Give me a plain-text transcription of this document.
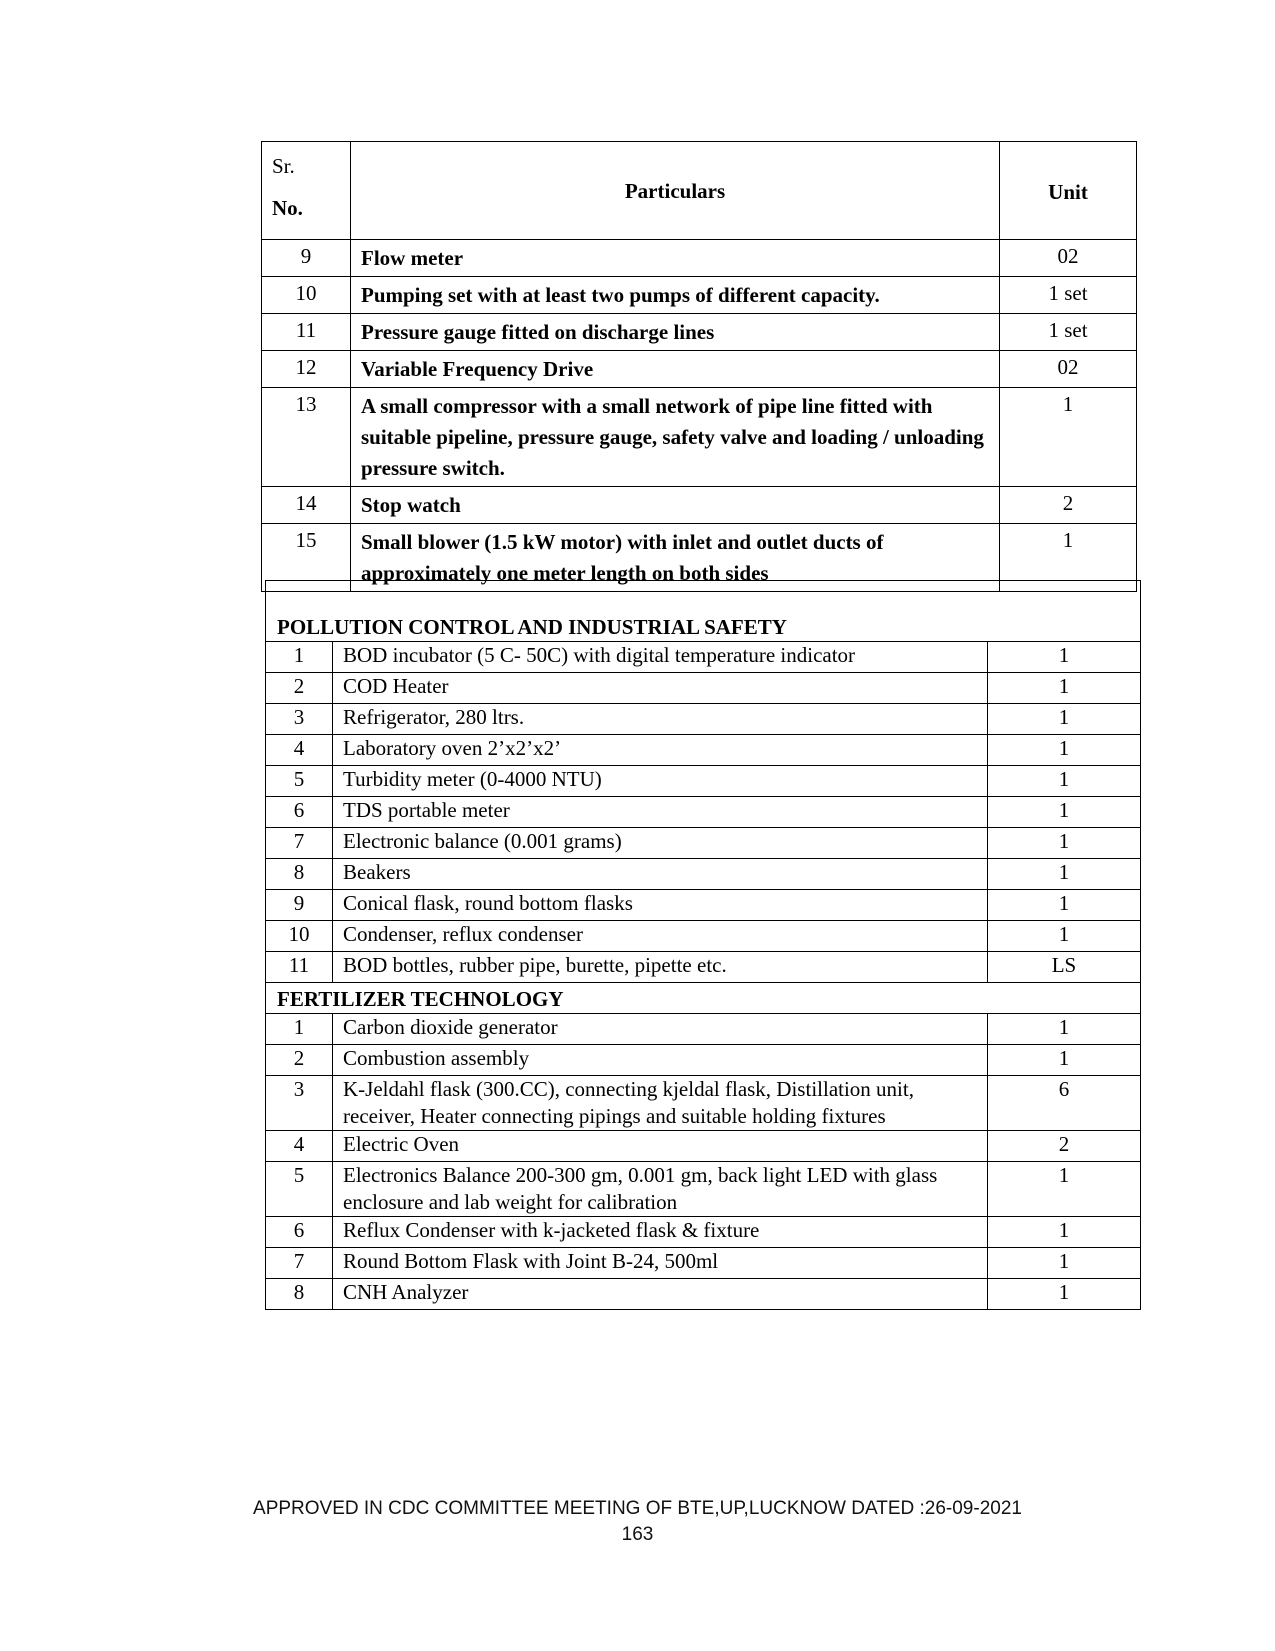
Sr.
No.	Particulars	Unit
9	Flow meter	02
10	Pumping set with at least two pumps of different capacity.	1 set
11	Pressure gauge fitted on discharge lines	1 set
12	Variable Frequency Drive	02
13	A small compressor with a small network of pipe line fitted with suitable pipeline, pressure gauge, safety valve and loading / unloading pressure switch.	1
14	Stop watch	2
15	Small blower (1.5 kW motor) with inlet and outlet ducts of approximately one meter length on both sides	1
POLLUTION CONTROL AND INDUSTRIAL SAFETY		
1	BOD incubator (5 C- 50C) with digital temperature indicator	1
2	COD Heater	1
3	Refrigerator, 280 ltrs.	1
4	Laboratory oven 2’x2’x2’	1
5	Turbidity meter (0-4000 NTU)	1
6	TDS portable meter	1
7	Electronic balance (0.001 grams)	1
8	Beakers	1
9	Conical flask, round bottom flasks	1
10	Condenser, reflux condenser	1
11	BOD bottles, rubber pipe, burette, pipette etc.	LS
FERTILIZER TECHNOLOGY		
1	Carbon dioxide generator	1
2	Combustion assembly	1
3	K-Jeldahl flask (300.CC), connecting kjeldal flask, Distillation unit, receiver, Heater connecting pipings and suitable holding fixtures	6
4	Electric Oven	2
5	Electronics Balance 200-300 gm, 0.001 gm, back light LED with glass enclosure and lab weight for calibration	1
6	Reflux Condenser with k-jacketed flask & fixture	1
7	Round Bottom Flask with Joint B-24, 500ml	1
8	CNH Analyzer	1
APPROVED IN CDC COMMITTEE MEETING OF BTE,UP,LUCKNOW DATED :26-09-2021
163
